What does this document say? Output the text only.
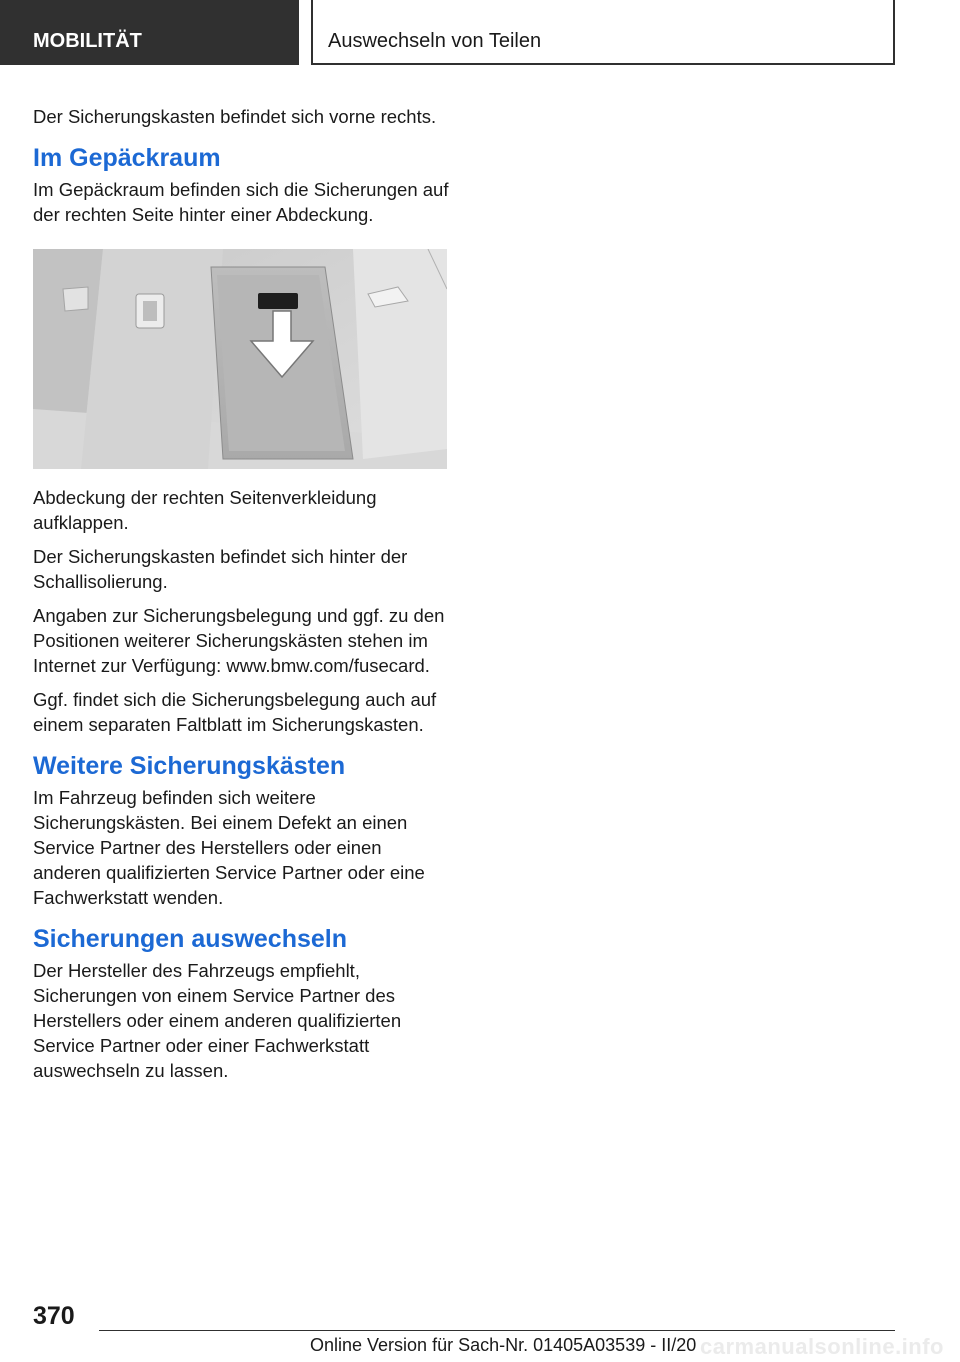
MOBILITÄT	Auswechseln von Teilen

Der Sicherungskasten befindet sich vorne rechts.

Im Gepäckraum

Im Gepäckraum befinden sich die Sicherungen auf der rechten Seite hinter einer Abdeckung.

Abdeckung der rechten Seitenverkleidung aufklappen.

Der Sicherungskasten befindet sich hinter der Schallisolierung.

Angaben zur Sicherungsbelegung und ggf. zu den Positionen weiterer Sicherungskästen stehen im Internet zur Verfügung: www.bmw.com/fusecard.

Ggf. findet sich die Sicherungsbelegung auch auf einem separaten Faltblatt im Sicherungskasten.

Weitere Sicherungskästen

Im Fahrzeug befinden sich weitere Sicherungskästen. Bei einem Defekt an einen Service Partner des Herstellers oder einen anderen qualifizierten Service Partner oder eine Fachwerkstatt wenden.

Sicherungen auswechseln

Der Hersteller des Fahrzeugs empfiehlt, Sicherungen von einem Service Partner des Herstellers oder einem anderen qualifizierten Service Partner oder einer Fachwerkstatt auswechseln zu lassen.

370
Online Version für Sach-Nr. 01405A03539 - II/20 carmanualsonline.info
